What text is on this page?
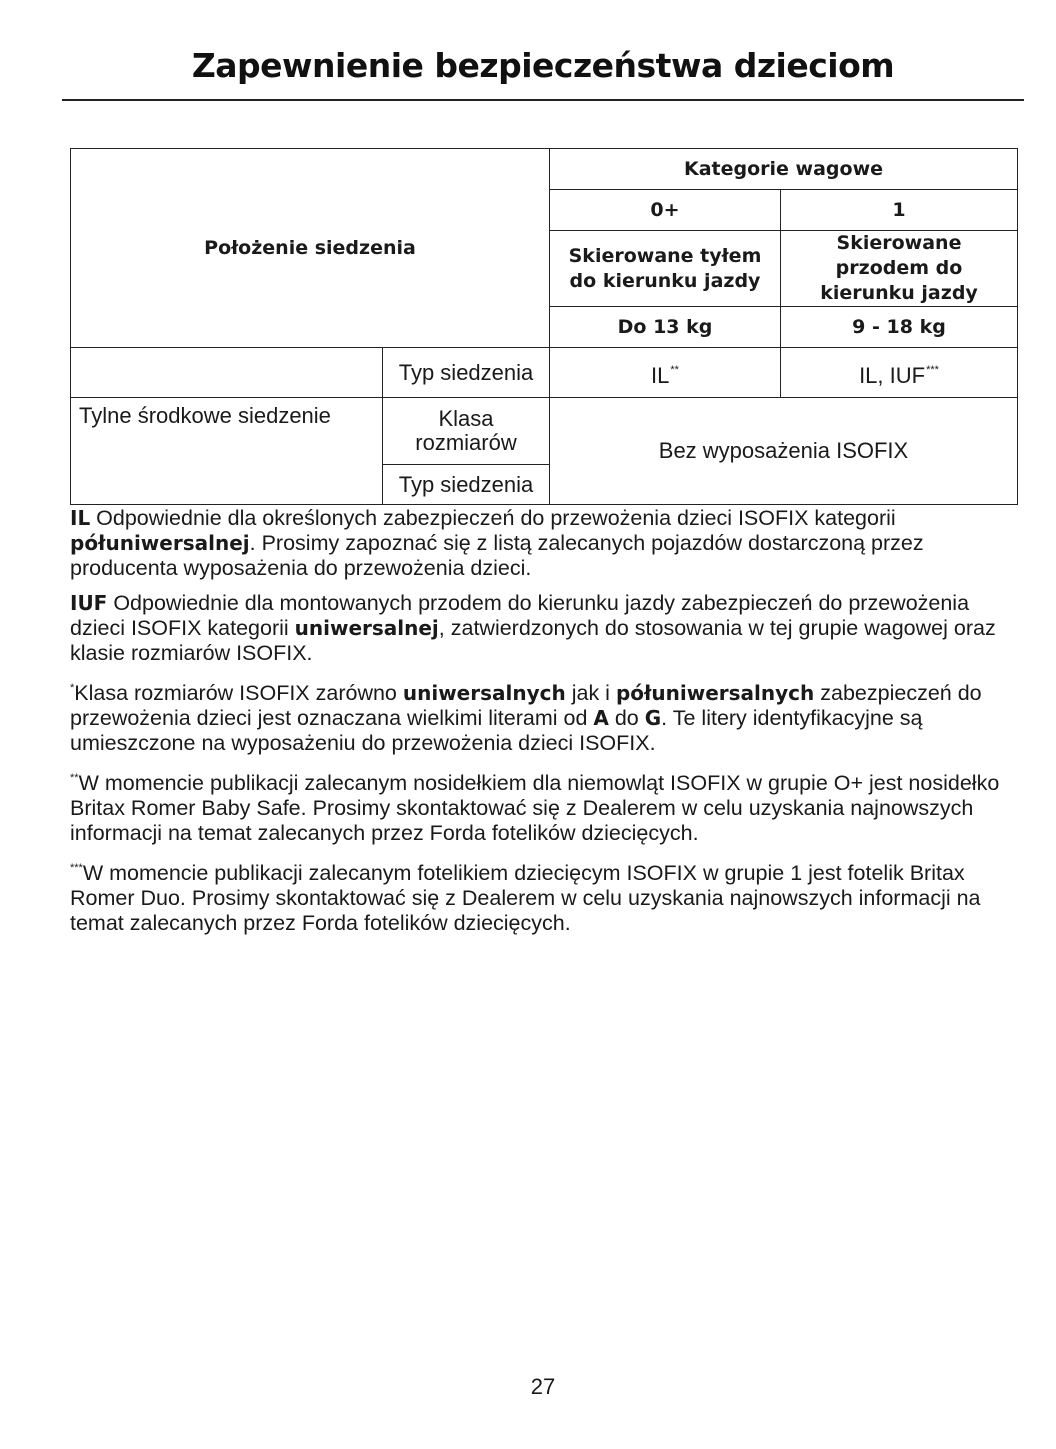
Zapewnienie bezpieczeństwa dzieciom
Położenie siedzenia		Kategorie wagowe	
		0+	1
		Skierowane tyłem do kierunku jazdy	Skierowane przodem do kierunku jazdy
		Do 13 kg	9 - 18 kg
	Typ siedzenia	IL**	IL, IUF***
Tylne środkowe siedzenie	Klasa rozmiarów	Bez wyposażenia ISOFIX	
	Typ siedzenia		

IL Odpowiednie dla określonych zabezpieczeń do przewożenia dzieci ISOFIX kategorii półuniwersalnej. Prosimy zapoznać się z listą zalecanych pojazdów dostarczoną przez producenta wyposażenia do przewożenia dzieci.

IUF Odpowiednie dla montowanych przodem do kierunku jazdy zabezpieczeń do przewożenia dzieci ISOFIX kategorii uniwersalnej, zatwierdzonych do stosowania w tej grupie wagowej oraz klasie rozmiarów ISOFIX.

*Klasa rozmiarów ISOFIX zarówno uniwersalnych jak i półuniwersalnych zabezpieczeń do przewożenia dzieci jest oznaczana wielkimi literami od A do G. Te litery identyfikacyjne są umieszczone na wyposażeniu do przewożenia dzieci ISOFIX.

**W momencie publikacji zalecanym nosidełkiem dla niemowląt ISOFIX w grupie O+ jest nosidełko Britax Romer Baby Safe. Prosimy skontaktować się z Dealerem w celu uzyskania najnowszych informacji na temat zalecanych przez Forda fotelików dziecięcych.

***W momencie publikacji zalecanym fotelikiem dziecięcym ISOFIX w grupie 1 jest fotelik Britax Romer Duo. Prosimy skontaktować się z Dealerem w celu uzyskania najnowszych informacji na temat zalecanych przez Forda fotelików dziecięcych.

27
